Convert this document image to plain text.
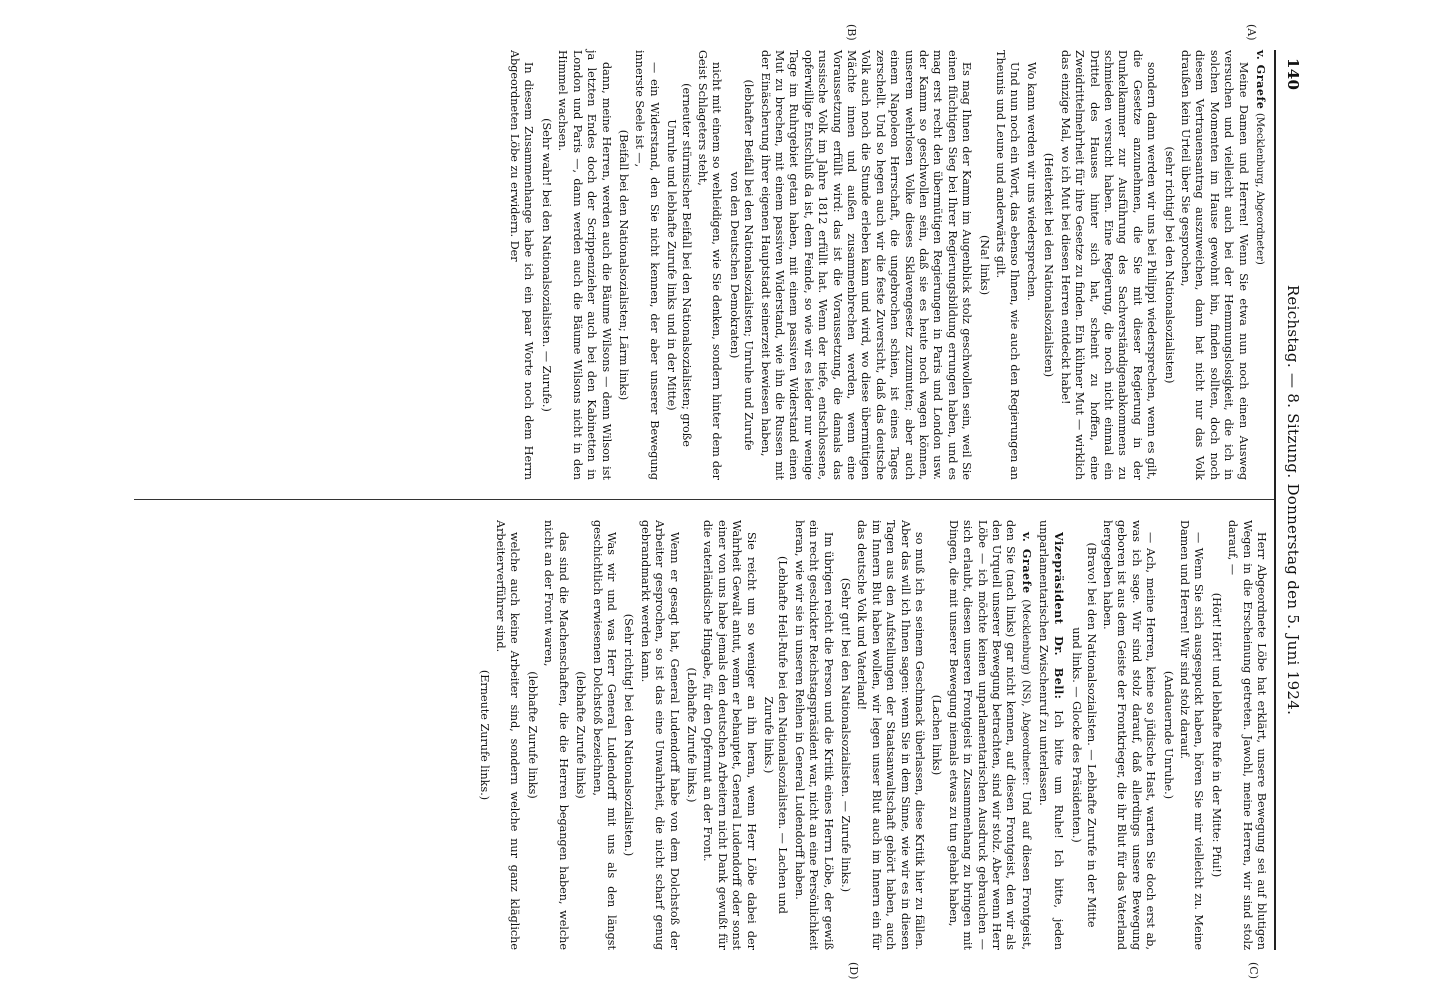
140
Reichstag. — 8. Sitzung. Donnerstag den 5. Juni 1924.
(A)
(B)
(C)
(D)

v. Graefe (Mecklenburg, Abgeordneter)

Meine Damen und Herren! Wenn Sie etwa nun noch einen Ausweg versuchen und vielleicht auch bei der Hemmungslosigkeit, die ich in solchen Momenten im Hause gewohnt bin, finden sollten, doch noch diesem Vertrauensantrag auszuweichen, dann hat nicht nur das Volk draußen kein Urteil über Sie gesprochen,

(sehr richtig! bei den Nationalsozialisten)

sondern dann werden wir uns bei Philippi wiedersprechen, wenn es gilt, die Gesetze anzunehmen, die Sie mit dieser Regierung in der Dunkelkammer zur Ausführung des Sachverständigenabkommens zu schmieden versucht haben. Eine Regierung, die noch nicht einmal ein Drittel des Hauses hinter sich hat, scheint zu hoffen, eine Zweidrittelmehrheit für ihre Gesetze zu finden. Ein kühner Mut — wirklich das einzige Mal, wo ich Mut bei diesen Herren entdeckt habe!

(Heiterkeit bei den Nationalsozialisten)

Wo kann werden wir uns wiedersprechen.

Und nun noch ein Wort, das ebenso Ihnen, wie auch den Regierungen an Theunis und Leune und anderwärts gilt.

(Na! links)

Es mag Ihnen der Kamm im Augenblick stolz geschwollen sein, weil Sie einen flüchtigen Sieg bei Ihrer Regierungsbildung errungen haben, und es mag erst recht den übermütigen Regierungen in Paris und London usw. der Kamm so geschwollen sein, daß sie es heute noch wagen können, unserem wehrlosen Volke dieses Sklavengesetz zuzumuten; aber auch einem Napoleon Herrschaft, die ungebrochen schien, ist eines Tages zerschellt. Und so hegen auch wir die feste Zuversicht, daß das deutsche Volk auch noch die Stunde erleben kann und wird, wo diese übermütigen Mächte innen und außen zusammenbrechen werden, wenn eine Voraussetzung erfüllt wird: das ist die Voraussetzung, die damals das russische Volk im Jahre 1812 erfüllt hat. Wenn der tiefe, entschlossene, opferwillige Entschluß da ist, dem Feinde, so wie wir es leider nur wenige Tage im Ruhrgebiet getan haben, mit einem passiven Widerstand einen Mut zu brechen, mit einem passiven Widerstand, wie ihn die Russen mit der Einäscherung ihrer eigenen Hauptstadt seinerzeit bewiesen haben,

(lebhafter Beifall bei den Nationalsozialisten; Unruhe und Zurufe von den Deutschen Demokraten)

nicht mit einem so wehleidigen, wie Sie denken, sondern hinter dem der Geist Schlageters steht,

(erneuter stürmischer Beifall bei den Nationalsozialisten; große Unruhe und lebhafte Zurufe links und in der Mitte)

— ein Widerstand, den Sie nicht kennen, der aber unserer Bewegung innerste Seele ist —,

(Beifall bei den Nationalsozialisten; Lärm links)

dann, meine Herren, werden auch die Bäume Wilsons — denn Wilson ist ja letzten Endes doch der Scrippenzieher auch bei den Kabinetten in London und Paris —, dann werden auch die Bäume Wilsons nicht in den Himmel wachsen.

(Sehr wahr! bei den Nationalsozialisten. — Zurufe.)

In diesem Zusammenhange habe ich ein paar Worte noch dem Herrn Abgeordneten Löbe zu erwidern. Der

Herr Abgeordnete Löbe hat erklärt, unsere Bewegung sei auf blutigen Wegen in die Erscheinung getreten. Jawohl, meine Herren, wir sind stolz darauf, —

(Hört! Hört! und lebhafte Rufe in der Mitte: Pfui!)

— Wenn Sie sich ausgespuckt haben, hören Sie mir vielleicht zu. Meine Damen und Herren! Wir sind stolz darauf.

(Andauernde Unruhe.)

— Ach, meine Herren, keine so jüdische Hast, warten Sie doch erst ab, was ich sage. Wir sind stolz darauf, daß allerdings unsere Bewegung geboren ist aus dem Geiste der Frontkrieger, die ihr Blut für das Vaterland hergegeben haben.

(Bravo! bei den Nationalsozialisten. — Lebhafte Zurufe in der Mitte und links. — Glocke des Präsidenten.)

Vizepräsident Dr. Bell: Ich bitte um Ruhe! Ich bitte, jeden unparlamentarischen Zwischenruf zu unterlassen.

v. Graefe (Mecklenburg) (NS), Abgeordneter: Und auf diesen Frontgeist, den Sie (nach links) gar nicht kennen, auf diesen Frontgeist, den wir als den Urquell unserer Bewegung betrachten, sind wir stolz. Aber wenn Herr Löbe — ich möchte keinen unparlamentarischen Ausdruck gebrauchen — sich erlaubt, diesen unseren Frontgeist in Zusammenhang zu bringen mit Dingen, die mit unserer Bewegung niemals etwas zu tun gehabt haben,

(Lachen links)

so muß ich es seinem Geschmack überlassen, diese Kritik hier zu fällen. Aber das will ich Ihnen sagen: wenn Sie in dem Sinne, wie wir es in diesen Tagen aus den Aufstellungen der Staatsanwaltschaft gehört haben, auch im Innern Blut haben wollen, wir legen unser Blut auch im Innern ein für das deutsche Volk und Vaterland!

(Sehr gut! bei den Nationalsozialisten. — Zurufe links.)

Im übrigen reicht die Person und die Kritik eines Herrn Löbe, der gewiß ein recht geschickter Reichstagspräsident war, nicht an eine Persönlichkeit heran, wie wir sie in unseren Reihen in General Ludendorff haben.

(Lebhafte Heil-Rufe bei den Nationalsozialisten. — Lachen und Zurufe links.)

Sie reicht um so weniger an ihn heran, wenn Herr Löbe dabei der Wahrheit Gewalt antut, wenn er behauptet, General Ludendorff oder sonst einer von uns habe jemals den deutschen Arbeitern nicht Dank gewußt für die vaterländische Hingabe, für den Opfermut an der Front.

(Lebhafte Zurufe links.)

Wenn er gesagt hat, General Ludendorff habe von dem Dolchstoß der Arbeiter gesprochen, so ist das eine Unwahrheit, die nicht scharf genug gebrandmarkt werden kann.

(Sehr richtig! bei den Nationalsozialisten.)

Was wir und was Herr General Ludendorff mit uns als den längst geschichtlich erwiesenen Dolchstoß bezeichnen,

(lebhafte Zurufe links)

das sind die Machenschaften, die die Herren begangen haben, welche nicht an der Front waren,

(lebhafte Zurufe links)

welche auch keine Arbeiter sind, sondern welche nur ganz klägliche Arbeiterverführer sind.

(Erneute Zurufe links.)
